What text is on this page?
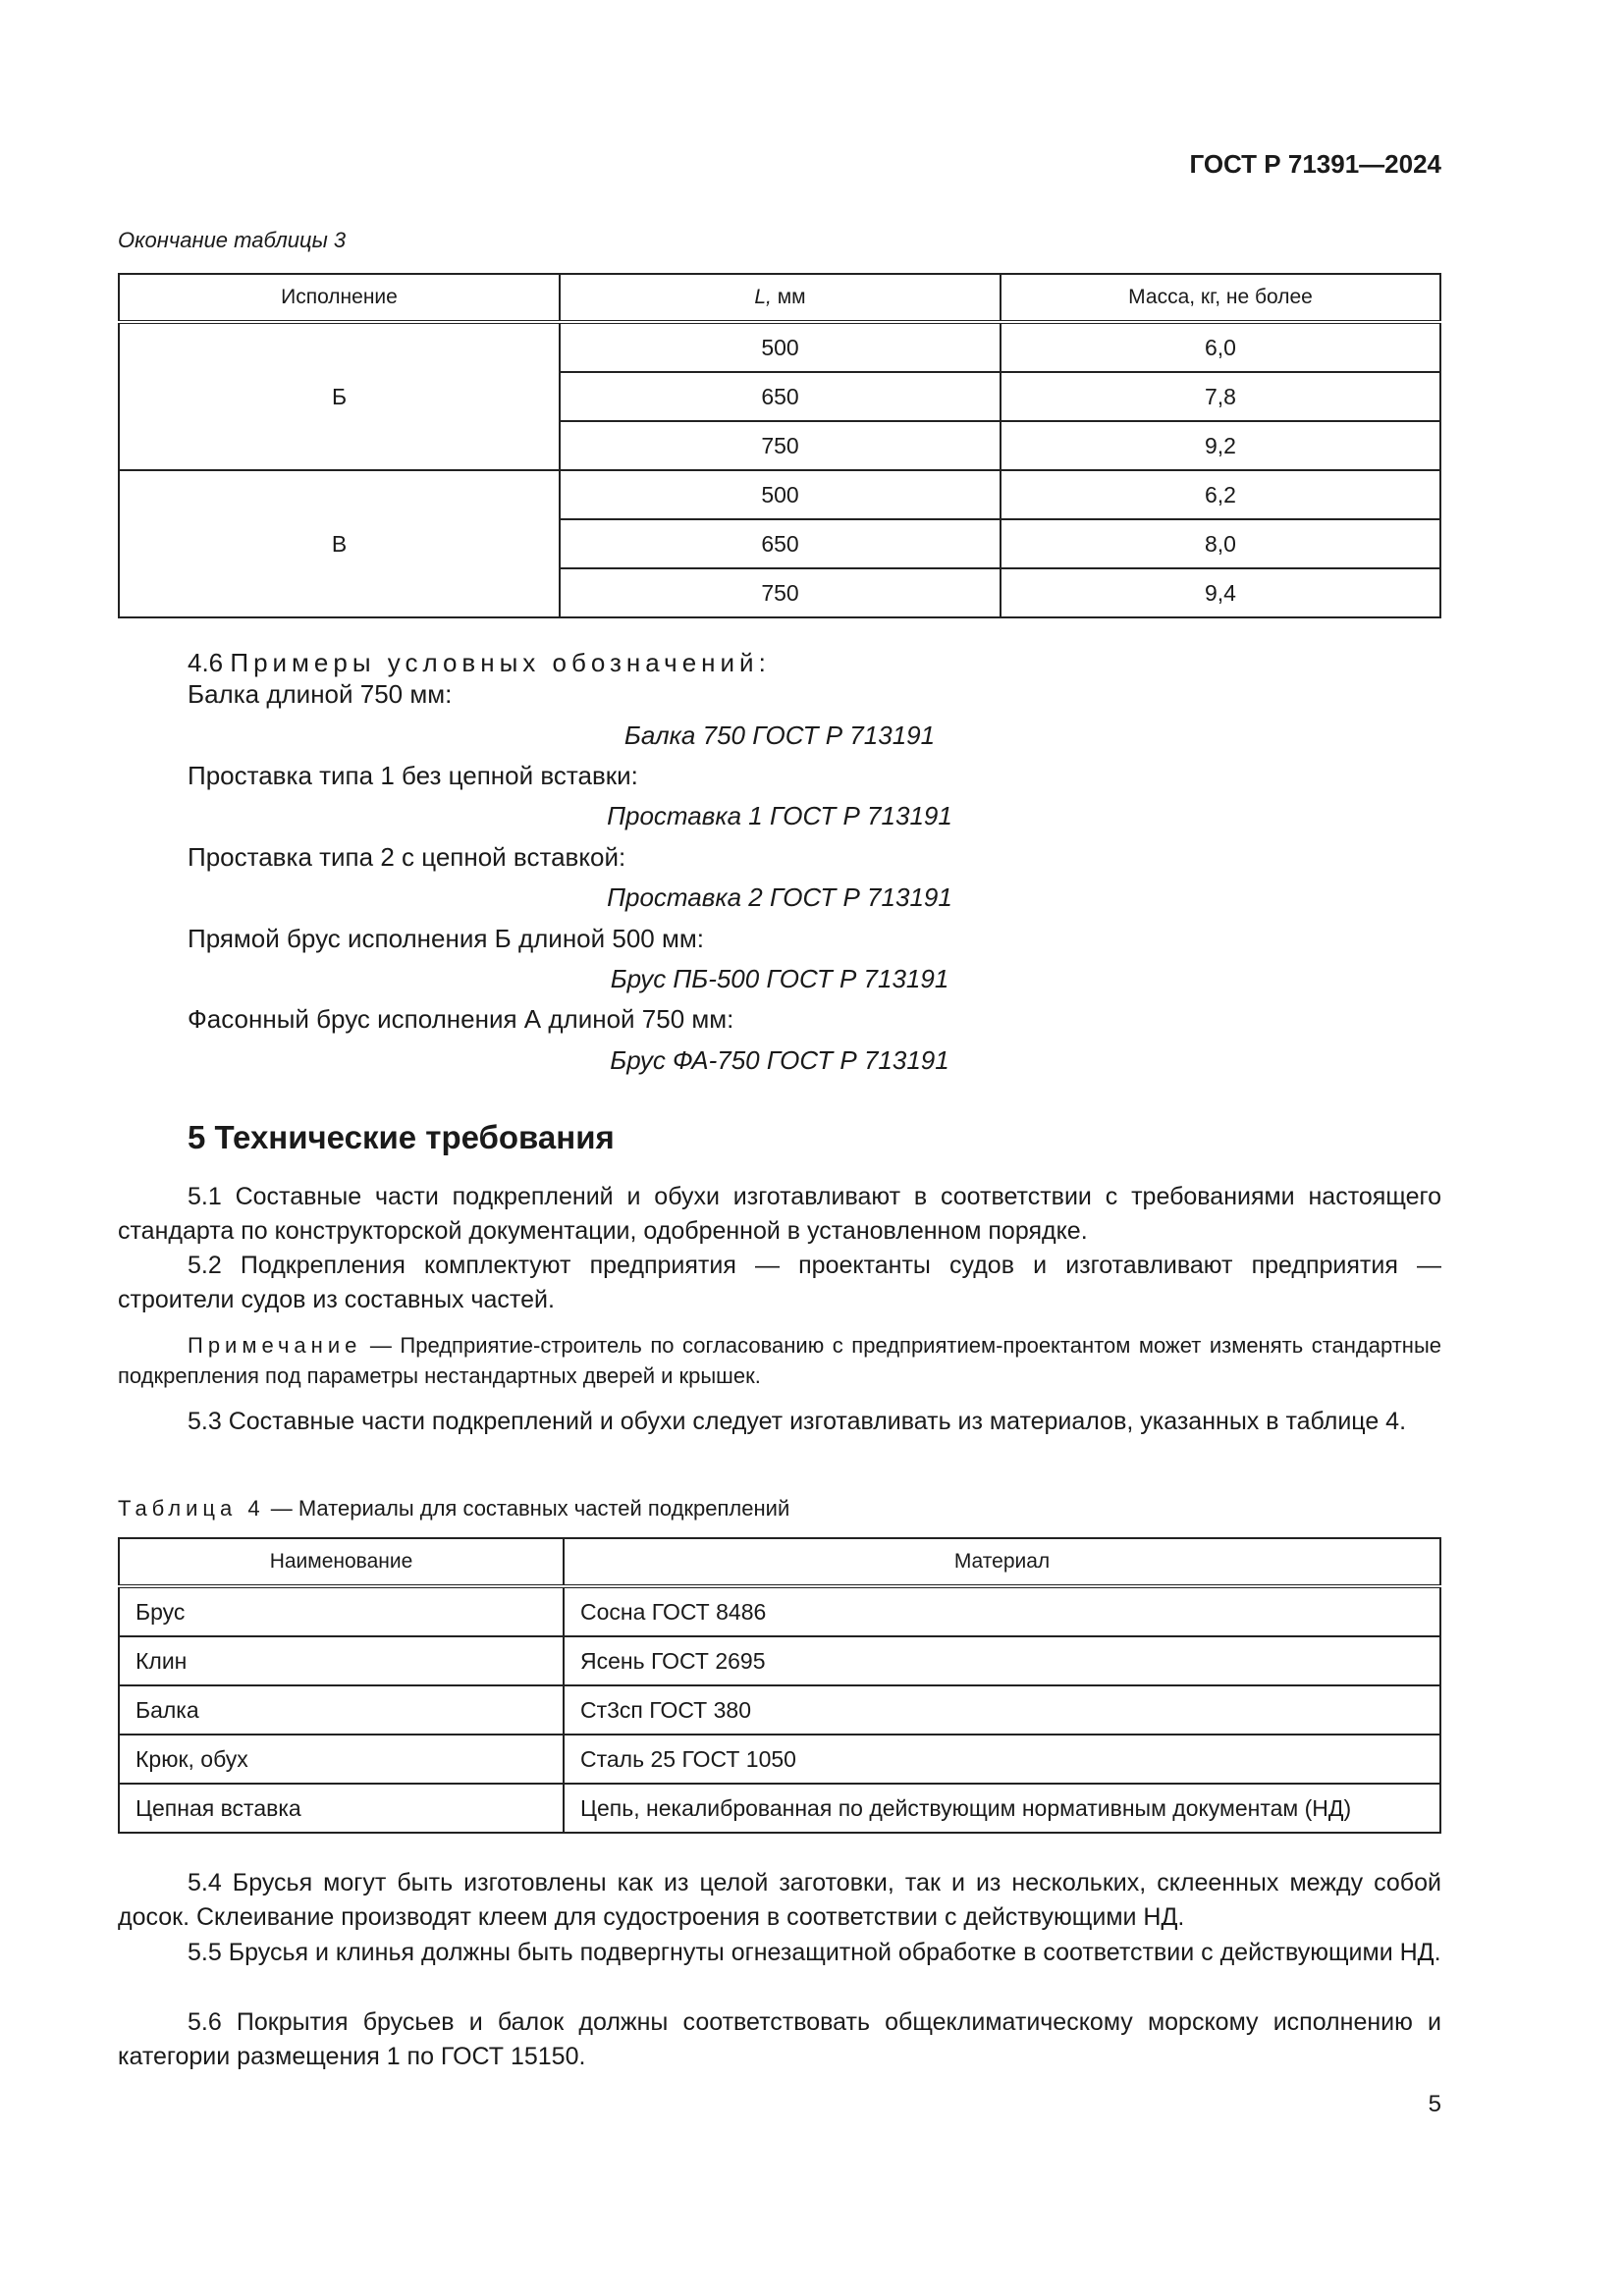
ГОСТ Р 71391—2024
Окончание таблицы 3
Исполнение	L, мм	Масса, кг, не более
Б	500	6,0
	650	7,8
	750	9,2
В	500	6,2
	650	8,0
	750	9,4
4.6 Примеры условных обозначений:
Балка длиной 750 мм:
Балка 750 ГОСТ Р 713191
Проставка типа 1 без цепной вставки:
Проставка 1 ГОСТ Р 713191
Проставка типа 2 с цепной вставкой:
Проставка 2 ГОСТ Р 713191
Прямой брус исполнения Б длиной 500 мм:
Брус ПБ-500 ГОСТ Р 713191
Фасонный брус исполнения А длиной 750 мм:
Брус ФА-750 ГОСТ Р 713191
5 Технические требования

5.1 Составные части подкреплений и обухи изготавливают в соответствии с требованиями настоящего стандарта по конструкторской документации, одобренной в установленном порядке.

5.2 Подкрепления комплектуют предприятия — проектанты судов и изготавливают предприятия — строители судов из составных частей.

Примечание — Предприятие-строитель по согласованию с предприятием-проектантом может изменять стандартные подкрепления под параметры нестандартных дверей и крышек.

5.3 Составные части подкреплений и обухи следует изготавливать из материалов, указанных в таблице 4.

Таблица 4 — Материалы для составных частей подкреплений
Наименование	Материал
Брус	Сосна ГОСТ 8486
Клин	Ясень ГОСТ 2695
Балка	Ст3сп ГОСТ 380
Крюк, обух	Сталь 25 ГОСТ 1050
Цепная вставка	Цепь, некалиброванная по действующим нормативным документам (НД)

5.4 Брусья могут быть изготовлены как из целой заготовки, так и из нескольких, склеенных между собой досок. Склеивание производят клеем для судостроения в соответствии с действующими НД.

5.5 Брусья и клинья должны быть подвергнуты огнезащитной обработке в соответствии с действующими НД.

5.6 Покрытия брусьев и балок должны соответствовать общеклиматическому морскому исполнению и категории размещения 1 по ГОСТ 15150.

5
